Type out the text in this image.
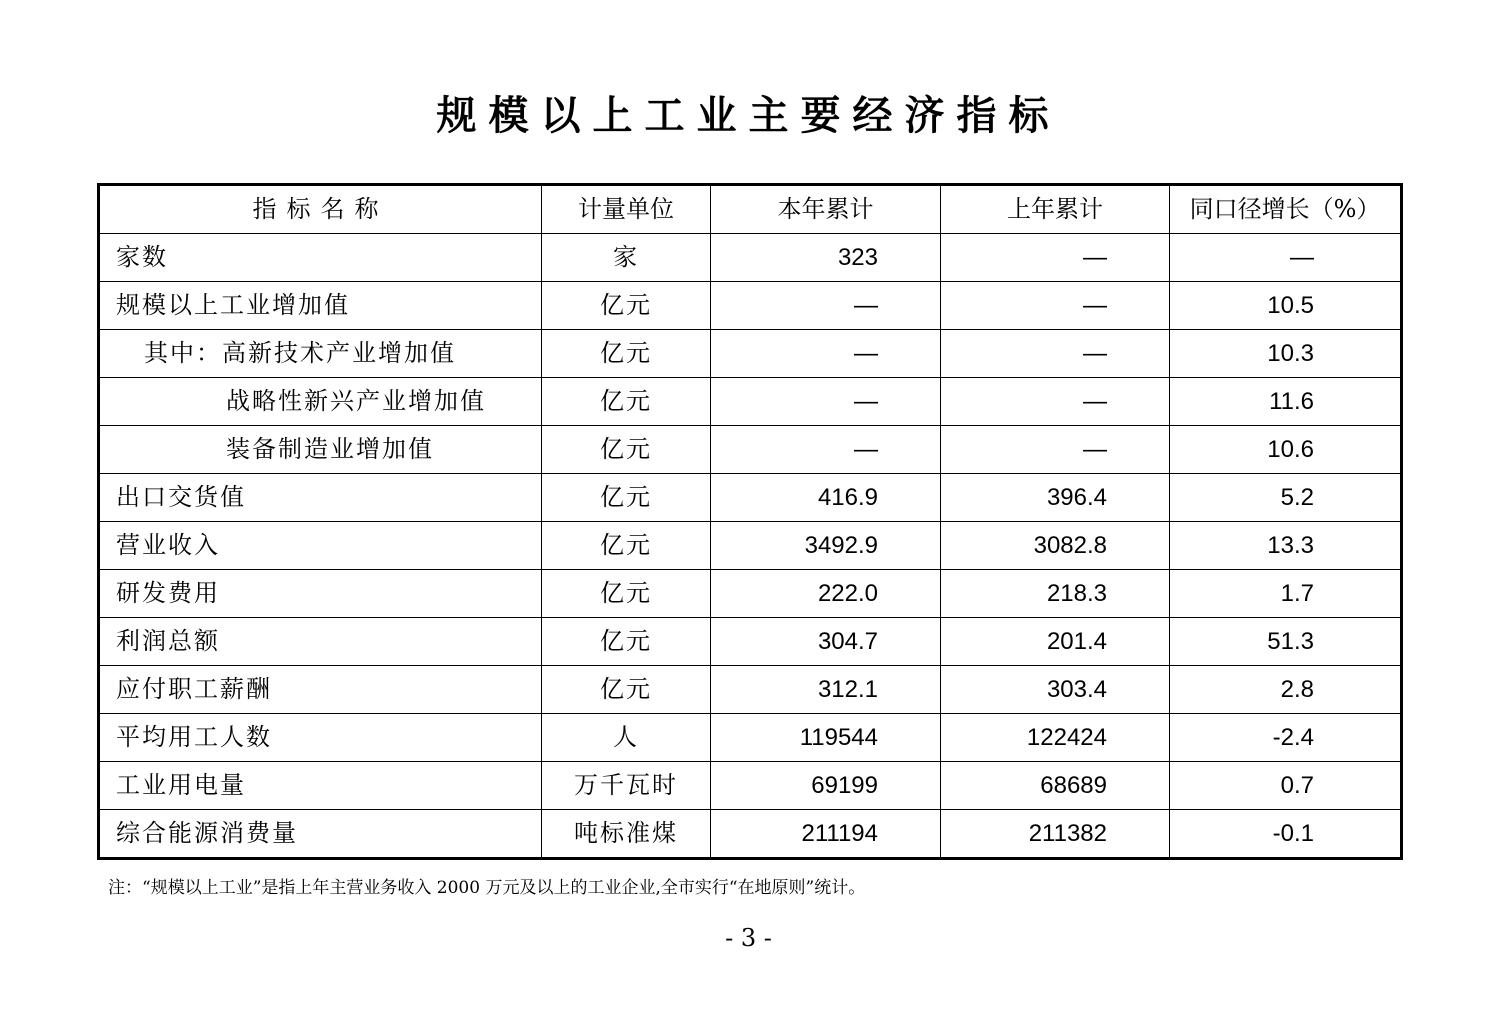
规模以上工业主要经济指标
指标名称	计量单位	本年累计	上年累计	同口径增长（%）
家数	家	323	—	—
规模以上工业增加值	亿元	—	—	10.5
其中：高新技术产业增加值	亿元	—	—	10.3
战略性新兴产业增加值	亿元	—	—	11.6
装备制造业增加值	亿元	—	—	10.6
出口交货值	亿元	416.9	396.4	5.2
营业收入	亿元	3492.9	3082.8	13.3
研发费用	亿元	222.0	218.3	1.7
利润总额	亿元	304.7	201.4	51.3
应付职工薪酬	亿元	312.1	303.4	2.8
平均用工人数	人	119544	122424	-2.4
工业用电量	万千瓦时	69199	68689	0.7
综合能源消费量	吨标准煤	211194	211382	-0.1
注：“规模以上工业”是指上年主营业务收入 2000 万元及以上的工业企业,全市实行“在地原则”统计。
- 3 -
